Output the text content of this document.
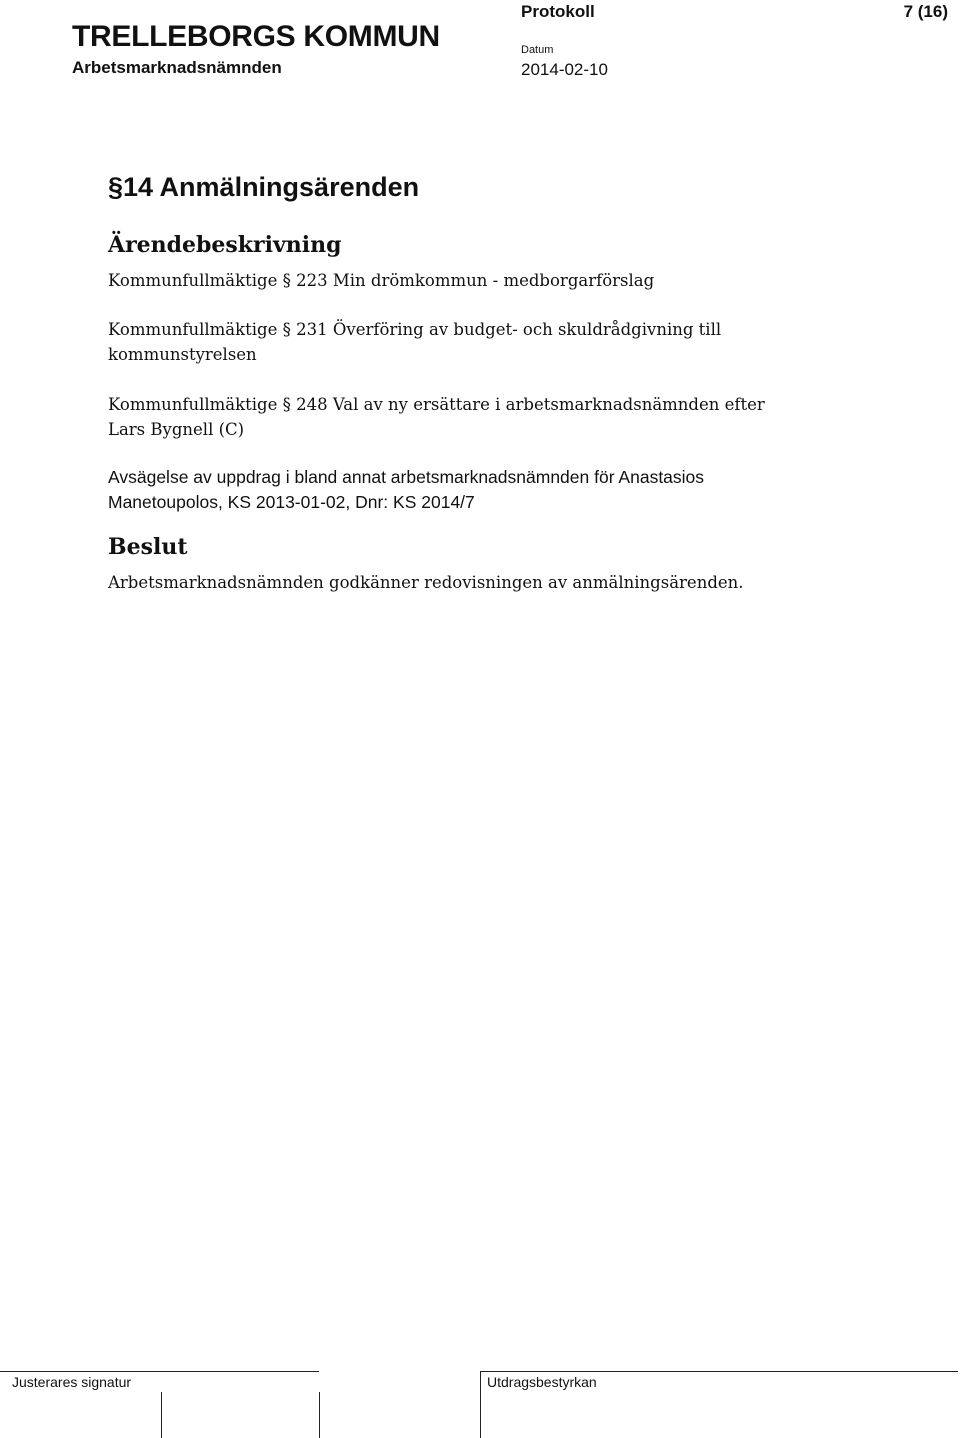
TRELLEBORGS KOMMUN
Arbetsmarknadsnämnden
Protokoll
Datum
2014-02-10
7 (16)
§14 Anmälningsärenden
Ärendebeskrivning
Kommunfullmäktige § 223 Min drömkommun - medborgarförslag
Kommunfullmäktige § 231 Överföring av budget- och skuldrådgivning till kommunstyrelsen
Kommunfullmäktige § 248 Val av ny ersättare i arbetsmarknadsnämnden efter Lars Bygnell (C)
Avsägelse av uppdrag i bland annat arbetsmarknadsnämnden för Anastasios Manetoupolos, KS 2013-01-02, Dnr: KS 2014/7
Beslut
Arbetsmarknadsnämnden godkänner redovisningen av anmälningsärenden.
Justerares signatur	Utdragsbestyrkan
